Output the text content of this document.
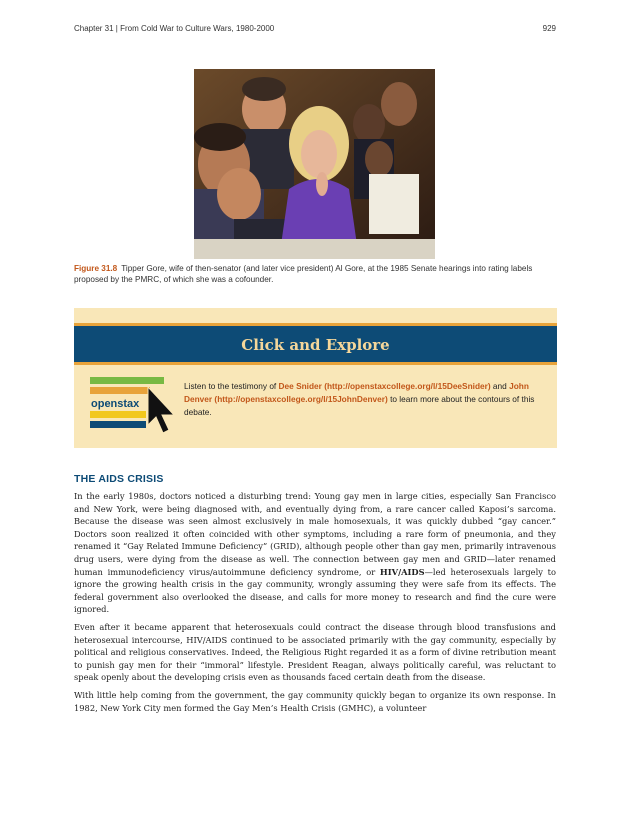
Chapter 31 | From Cold War to Culture Wars, 1980-2000	929
Figure 31.8 Tipper Gore, wife of then-senator (and later vice president) Al Gore, at the 1985 Senate hearings into rating labels proposed by the PMRC, of which she was a cofounder.
Click and Explore
openstax
Listen to the testimony of Dee Snider (http://openstaxcollege.org/l/15DeeSnider) and John Denver (http://openstaxcollege.org/l/15JohnDenver) to learn more about the contours of this debate.
THE AIDS CRISIS

In the early 1980s, doctors noticed a disturbing trend: Young gay men in large cities, especially San Francisco and New York, were being diagnosed with, and eventually dying from, a rare cancer called Kaposi’s sarcoma. Because the disease was seen almost exclusively in male homosexuals, it was quickly dubbed “gay cancer.” Doctors soon realized it often coincided with other symptoms, including a rare form of pneumonia, and they renamed it “Gay Related Immune Deficiency” (GRID), although people other than gay men, primarily intravenous drug users, were dying from the disease as well. The connection between gay men and GRID—later renamed human immunodeficiency virus/autoimmune deficiency syndrome, or HIV/AIDS—led heterosexuals largely to ignore the growing health crisis in the gay community, wrongly assuming they were safe from its effects. The federal government also overlooked the disease, and calls for more money to research and find the cure were ignored.

Even after it became apparent that heterosexuals could contract the disease through blood transfusions and heterosexual intercourse, HIV/AIDS continued to be associated primarily with the gay community, especially by political and religious conservatives. Indeed, the Religious Right regarded it as a form of divine retribution meant to punish gay men for their “immoral” lifestyle. President Reagan, always politically careful, was reluctant to speak openly about the developing crisis even as thousands faced certain death from the disease.

With little help coming from the government, the gay community quickly began to organize its own response. In 1982, New York City men formed the Gay Men’s Health Crisis (GMHC), a volunteer
